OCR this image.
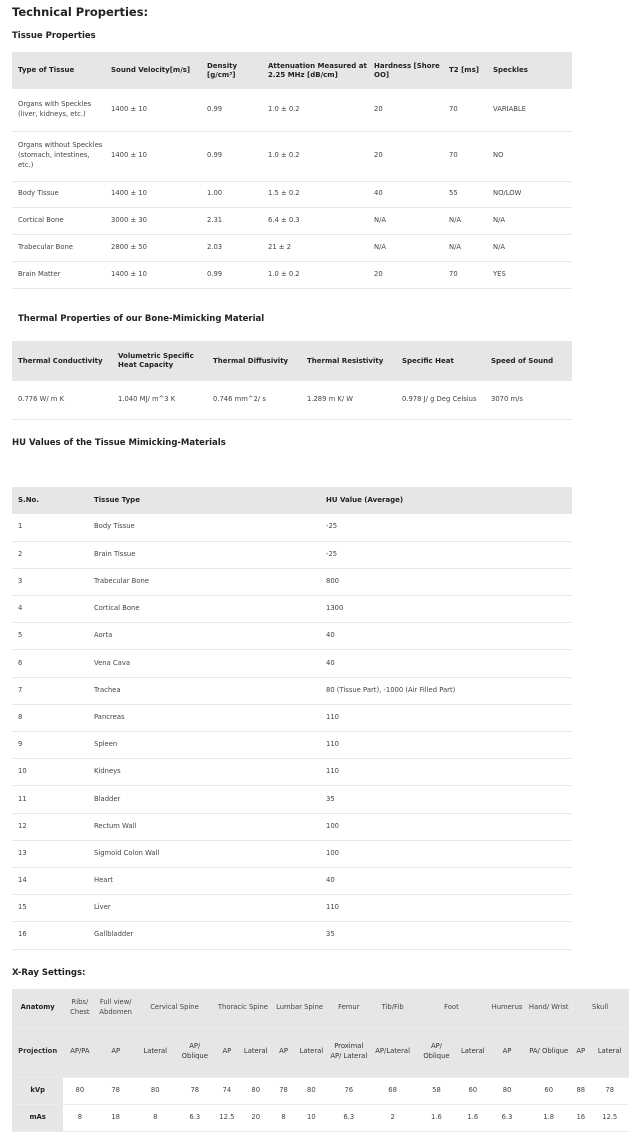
Technical Properties:
Tissue Properties
Type of Tissue	Sound Velocity[m/s]	Density [g/cm³]	Attenuation Measured at 2.25 MHz [dB/cm]	Hardness [Shore OO]	T2 [ms]	Speckles
Organs with Speckles (liver, kidneys, etc.)	1400 ± 10	0.99	1.0 ± 0.2	20	70	VARIABLE
Organs without Speckles (stomach, intestines, etc.)	1400 ± 10	0.99	1.0 ± 0.2	20	70	NO
Body Tissue	1400 ± 10	1.00	1.5 ± 0.2	40	55	NO/LOW
Cortical Bone	3000 ± 30	2.31	6.4 ± 0.3	N/A	N/A	N/A
Trabecular Bone	2800 ± 50	2.03	21 ± 2	N/A	N/A	N/A
Brain Matter	1400 ± 10	0.99	1.0 ± 0.2	20	70	YES
Thermal Properties of our Bone-Mimicking Material
Thermal Conductivity	Volumetric Specific Heat Capacity	Thermal Diffusivity	Thermal Resistivity	Specific Heat	Speed of Sound
0.776 W/ m K	1.040 MJ/ m^3 K	0.746 mm^2/ s	1.289 m K/ W	0.978 J/ g Deg Celsius	3070 m/s
HU Values of the Tissue Mimicking-Materials
S.No.	Tissue Type	HU Value (Average)
1	Body Tissue	-25
2	Brain Tissue	-25
3	Trabecular Bone	800
4	Cortical Bone	1300
5	Aorta	40
6	Vena Cava	40
7	Trachea	80 (Tissue Part), -1000 (Air Filled Part)
8	Pancreas	110
9	Spleen	110
10	Kidneys	110
11	Bladder	35
12	Rectum Wall	100
13	Sigmoid Colon Wall	100
14	Heart	40
15	Liver	110
16	Gallbladder	35
X-Ray Settings:
Anatomy	Ribs/ Chest	Full view/ Abdomen	Cervical Spine		Thoracic Spine		Lumbar Spine		Femur	Tib/Fib	Foot		Humerus	Hand/ Wrist	Skull	
Projection	AP/PA	AP	Lateral	AP/ Oblique	AP	Lateral	AP	Lateral	Proximal AP/ Lateral	AP/Lateral	AP/ Oblique	Lateral	AP	PA/ Oblique	AP	Lateral
kVp	80	78	80	78	74	80	78	80	76	68	58	60	80	60	88	78
mAs	8	18	8	6.3	12.5	20	8	10	6.3	2	1.6	1.6	6.3	1.8	16	12.5
